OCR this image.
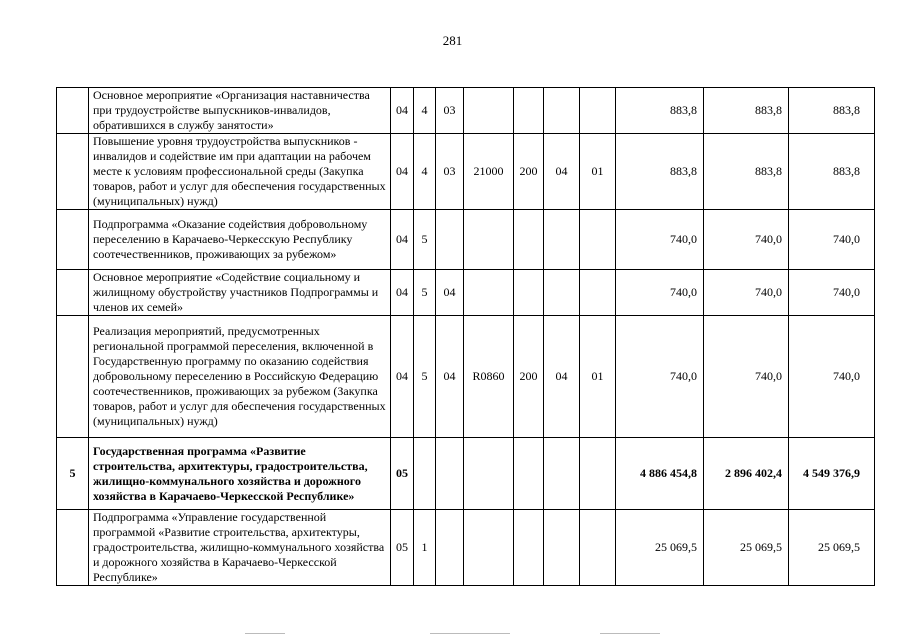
281
	Основное мероприятие «Организация наставничества при трудоустройстве выпускников-инвалидов, обратившихся в службу занятости»	04	4	03					883,8	883,8	883,8
	Повышение уровня трудоустройства выпускников - инвалидов и содействие им при адаптации на рабочем месте к условиям профессиональной среды (Закупка товаров, работ и услуг для обеспечения государственных (муниципальных) нужд)	04	4	03	21000	200	04	01	883,8	883,8	883,8
	Подпрограмма «Оказание содействия добровольному переселению в Карачаево-Черкесскую Республику соотечественников, проживающих за рубежом»	04	5						740,0	740,0	740,0
	Основное мероприятие «Содействие социальному и жилищному обустройству участников Подпрограммы и членов их семей»	04	5	04					740,0	740,0	740,0
	Реализация мероприятий, предусмотренных региональной программой переселения, включенной в Государственную программу по оказанию содействия добровольному переселению в Российскую Федерацию соотечественников, проживающих за рубежом (Закупка товаров, работ и услуг для обеспечения государственных (муниципальных) нужд)	04	5	04	R0860	200	04	01	740,0	740,0	740,0
5	Государственная программа «Развитие строительства, архитектуры, градостроительства, жилищно-коммунального хозяйства и дорожного хозяйства в Карачаево-Черкесской Республике»	05							4 886 454,8	2 896 402,4	4 549 376,9
	Подпрограмма «Управление государственной программой «Развитие строительства, архитектуры, градостроительства, жилищно-коммунального хозяйства и дорожного хозяйства в Карачаево-Черкесской Республике»	05	1						25 069,5	25 069,5	25 069,5
